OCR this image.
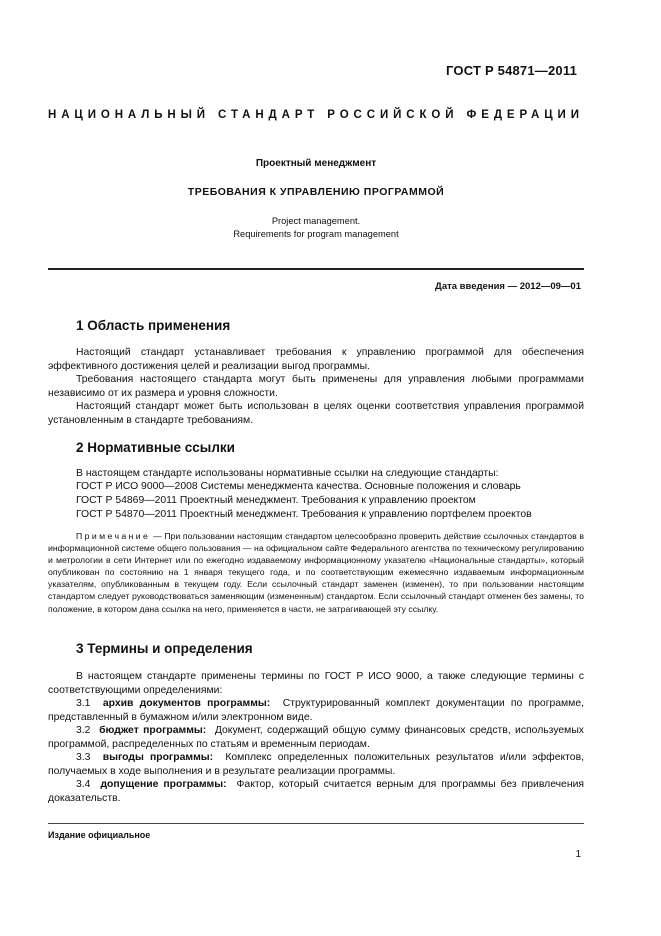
ГОСТ Р 54871—2011
НАЦИОНАЛЬНЫЙ СТАНДАРТ РОССИЙСКОЙ ФЕДЕРАЦИИ
Проектный менеджмент
ТРЕБОВАНИЯ К УПРАВЛЕНИЮ ПРОГРАММОЙ
Project management.
Requirements for program management
Дата введения — 2012—09—01
1 Область применения

Настоящий стандарт устанавливает требования к управлению программой для обеспечения эффективного достижения целей и реализации выгод программы.

Требования настоящего стандарта могут быть применены для управления любыми программами независимо от их размера и уровня сложности.

Настоящий стандарт может быть использован в целях оценки соответствия управления программой установленным в стандарте требованиям.

2 Нормативные ссылки
В настоящем стандарте использованы нормативные ссылки на следующие стандарты:
ГОСТ Р ИСО 9000—2008 Системы менеджмента качества. Основные положения и словарь
ГОСТ Р 54869—2011 Проектный менеджмент. Требования к управлению проектом
ГОСТ Р 54870—2011 Проектный менеджмент. Требования к управлению портфелем проектов

Примечание — При пользовании настоящим стандартом целесообразно проверить действие ссылочных стандартов в информационной системе общего пользования — на официальном сайте Федерального агентства по техническому регулированию и метрологии в сети Интернет или по ежегодно издаваемому информационному указателю «Национальные стандарты», который опубликован по состоянию на 1 января текущего года, и по соответствующим ежемесячно издаваемым информационным указателям, опубликованным в текущем году. Если ссылочный стандарт заменен (изменен), то при пользовании настоящим стандартом следует руководствоваться заменяющим (измененным) стандартом. Если ссылочный стандарт отменен без замены, то положение, в котором дана ссылка на него, применяется в части, не затрагивающей эту ссылку.

3 Термины и определения

В настоящем стандарте применены термины по ГОСТ Р ИСО 9000, а также следующие термины с соответствующими определениями:

3.1 архив документов программы: Структурированный комплект документации по программе, представленный в бумажном и/или электронном виде.

3.2 бюджет программы: Документ, содержащий общую сумму финансовых средств, используемых программой, распределенных по статьям и временным периодам.

3.3 выгоды программы: Комплекс определенных положительных результатов и/или эффектов, получаемых в ходе выполнения и в результате реализации программы.

3.4 допущение программы: Фактор, который считается верным для программы без привлечения доказательств.

Издание официальное
1
